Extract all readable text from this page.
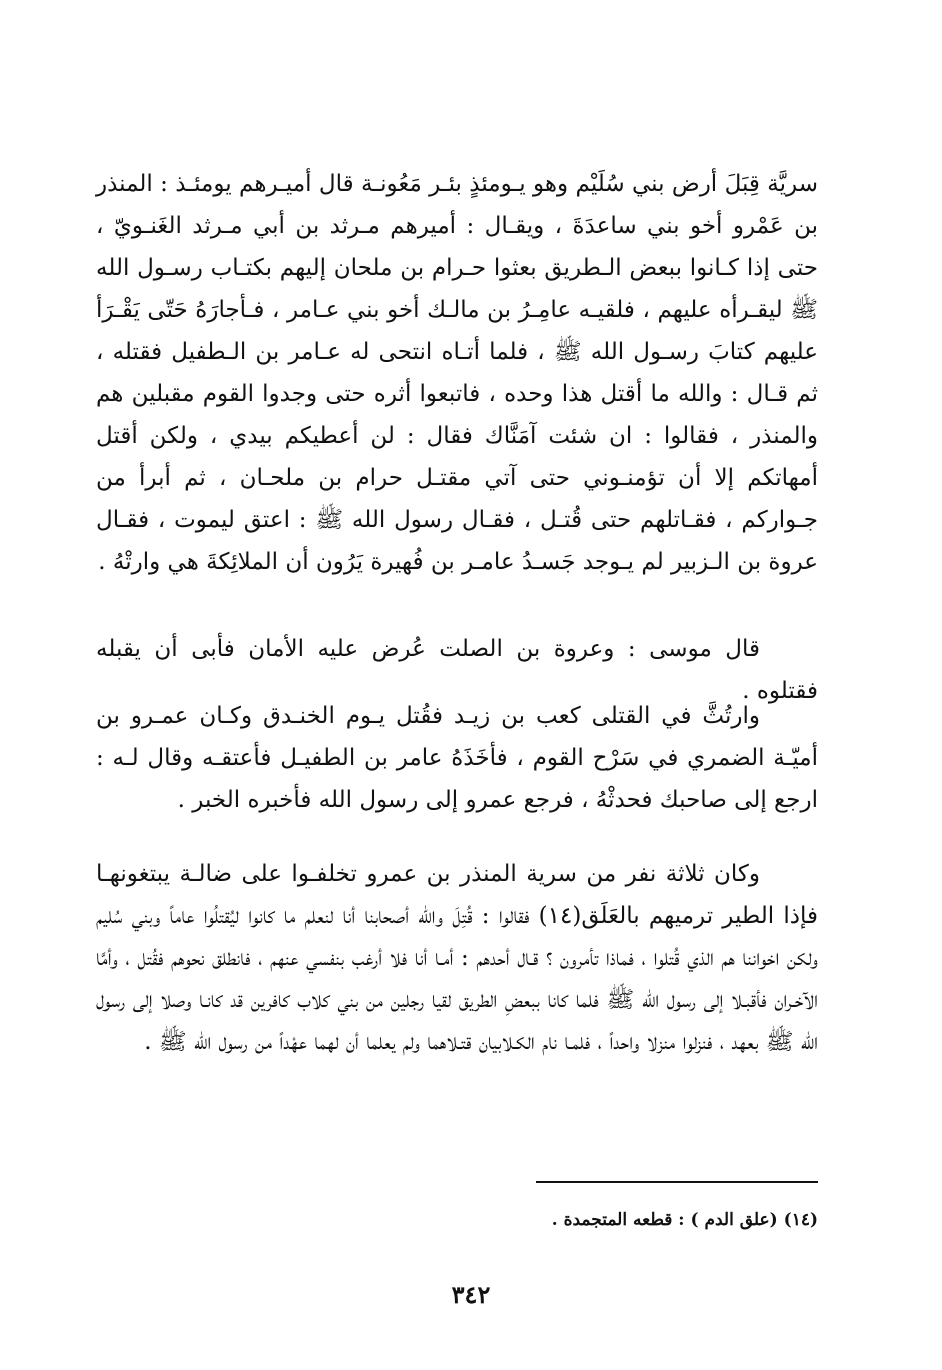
سريَّة قِبَلَ أرض بني سُلَيْم وهو يـومئذٍ بئـر مَعُونـة قال أميـرهم يومئـذ : المنذر بن عَمْرو أخو بني ساعدَةَ ، ويقـال : أميرهم مـرثد بن أبي مـرثد الغَنـويّ ، حتى إذا كـانوا ببعض الـطريق بعثوا حـرام بن ملحان إليهم بكتـاب رسـول الله ﷺ ليقـرأه عليهم ، فلقيـه عامِـرُ بن مالـك أخو بني عـامر ، فـأجارَهُ حَتّى يَقْـرَأ عليهم كتابَ رسـول الله ﷺ ، فلما أتـاه انتحى له عـامر بن الـطفيل فقتله ، ثم قـال : والله ما أقتل هذا وحده ، فاتبعوا أثره حتى وجدوا القوم مقبلين هم والمنذر ، فقالوا : ان شئت آمَنَّاك فقال : لن أعطيكم بيدي ، ولكن أقتل أمهاتكم إلا أن تؤمنـوني حتى آتي مقتـل حرام بن ملحـان ، ثم أبرأ من جـواركم ، فقـاتلهم حتى قُتـل ، فقـال رسول الله ﷺ : اعتق ليموت ، فقـال عروة بن الـزبير لم يـوجد جَسـدُ عامـر بن فُهيرة يَرُون أن الملائِكةَ هي وارتْهُ .

قال موسى : وعروة بن الصلت عُرض عليه الأمان فأبى أن يقبله فقتلوه .

وارتُثَّ في القتلى كعب بن زيـد فقُتل يـوم الخنـدق وكـان عمـرو بن أميّـة الضمري في سَرْح القوم ، فأخَذَهُ عامر بن الطفيـل فأعتقـه وقال لـه : ارجع إلى صاحبك فحدثْهُ ، فرجع عمرو إلى رسول الله فأخبره الخبر .

وكان ثلاثة نفر من سرية المنذر بن عمرو تخلفـوا على ضالـة يبتغونهـا فإذا الطير ترميهم بالعَلَق(١٤) فقالوا : قُتِلَ والله أصحابنا أنا لنعلم ما كانوا ليُقتلُوا عاماً وبني سُليم ولكن اخواننا هم الذي قُتلوا ، فماذا تأمرون ؟ قـال أحدهم : أمـا أنا فلا أرغب بنفسي عنهم ، فانطلق نحوهم فقُتل ، وأمَّا الآخـران فأقبـلا إلى رسول الله ﷺ فلما كانا ببعضِ الطريق لقيا رجلين من بني كلاب كافرين قد كانـا وصلا إلى رسول الله ﷺ بعهد ، فنزلوا منزلا واحداً ، فلمـا نام الكـلابيان قتـلاهما ولم يعلما أن لهما عهْداً من رسول الله ﷺ .

(١٤) (علق الدم ) : قطعه المتجمدة .
٣٤٢
